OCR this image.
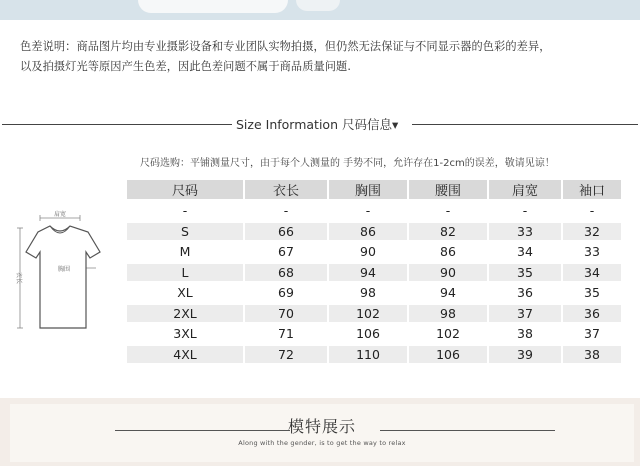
色差说明：商品图片均由专业摄影设备和专业团队实物拍摄，但仍然无法保证与不同显示器的色彩的差异，
以及拍摄灯光等原因产生色差，因此色差问题不属于商品质量问题.
Size Information 尺码信息▾
尺码选购：平铺测量尺寸，由于每个人测量的 手势不同，允许存在1-2cm的误差，敬请见谅！
肩宽
胸围
衣长
尺码	衣长	胸围	腰围	肩宽	袖口
-	-	-	-	-	-
S	66	86	82	33	32
M	67	90	86	34	33
L	68	94	90	35	34
XL	69	98	94	36	35
2XL	70	102	98	37	36
3XL	71	106	102	38	37
4XL	72	110	106	39	38
模特展示
Along with the gender, is to get the way to relax
